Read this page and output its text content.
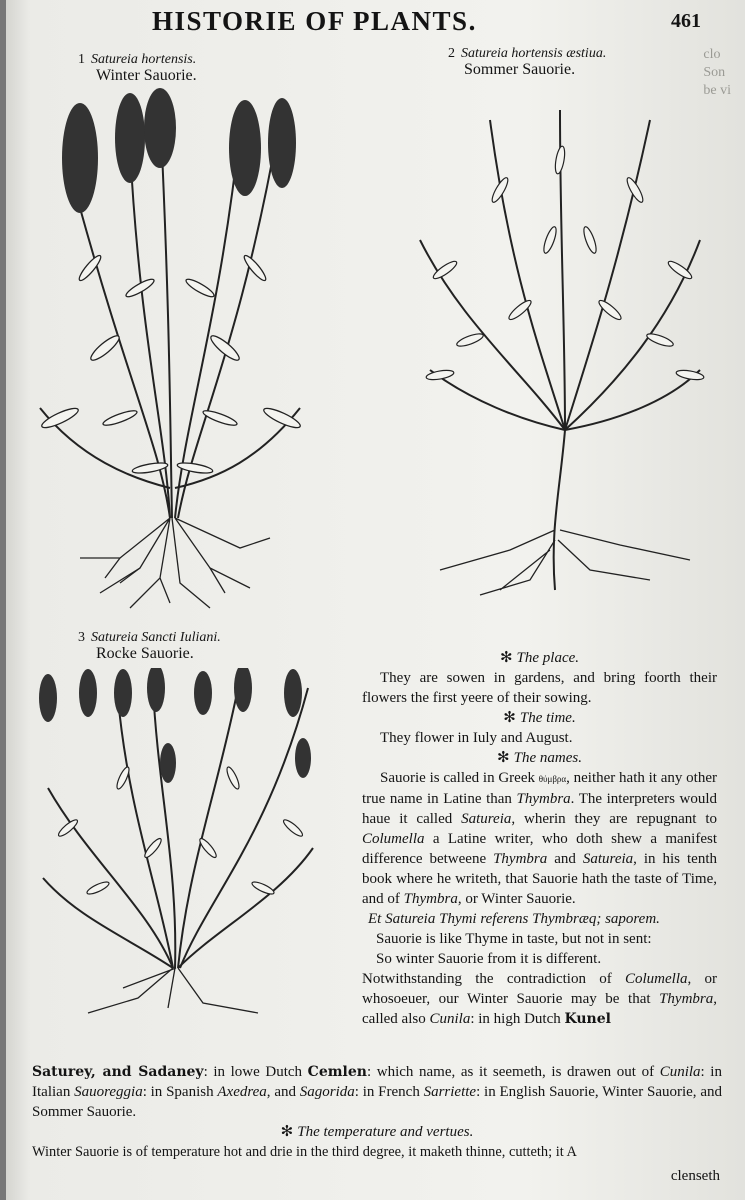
HISTORIE OF PLANTS.	461
clo
Son
be vi
1 Satureia hortensis.
Winter Sauorie.
2 Satureia hortensis æstiua.
Sommer Sauorie.
3 Satureia Sancti Iuliani.
Rocke Sauorie.	✻ The place.
They are sowen in gardens, and bring foorth their flowers the first yeere of their sowing.
✻ The time.
They flower in Iuly and August.
✻ The names.
Sauorie is called in Greek θύμβρα, neither hath it any other true name in Latine than Thymbra. The interpreters would haue it called Satureia, wherin they are repugnant to Columella a Latine writer, who doth shew a manifest difference betweene Thymbra and Satureia, in his tenth book where he writeth, that Sauorie hath the taste of Time, and of Thymbra, or Winter Sauorie.
Et Satureia Thymi referens Thymbræq; saporem.
Sauorie is like Thyme in taste, but not in sent:
So winter Sauorie from it is different.
Notwithstanding the contradiction of Columella, or whosoeuer, our Winter Sauorie may be that Thymbra, called also Cunila: in high Dutch Kunel
Saturey, and Sadaney: in lowe Dutch Cemlen: which name, as it seemeth, is drawen out of Cunila: in Italian Sauoreggia: in Spanish Axedrea, and Sagorida: in French Sarriette: in English Sauorie, Winter Sauorie, and Sommer Sauorie.
✻ The temperature and vertues.
Winter Sauorie is of temperature hot and drie in the third degree, it maketh thinne, cutteth; it A
clenseth
